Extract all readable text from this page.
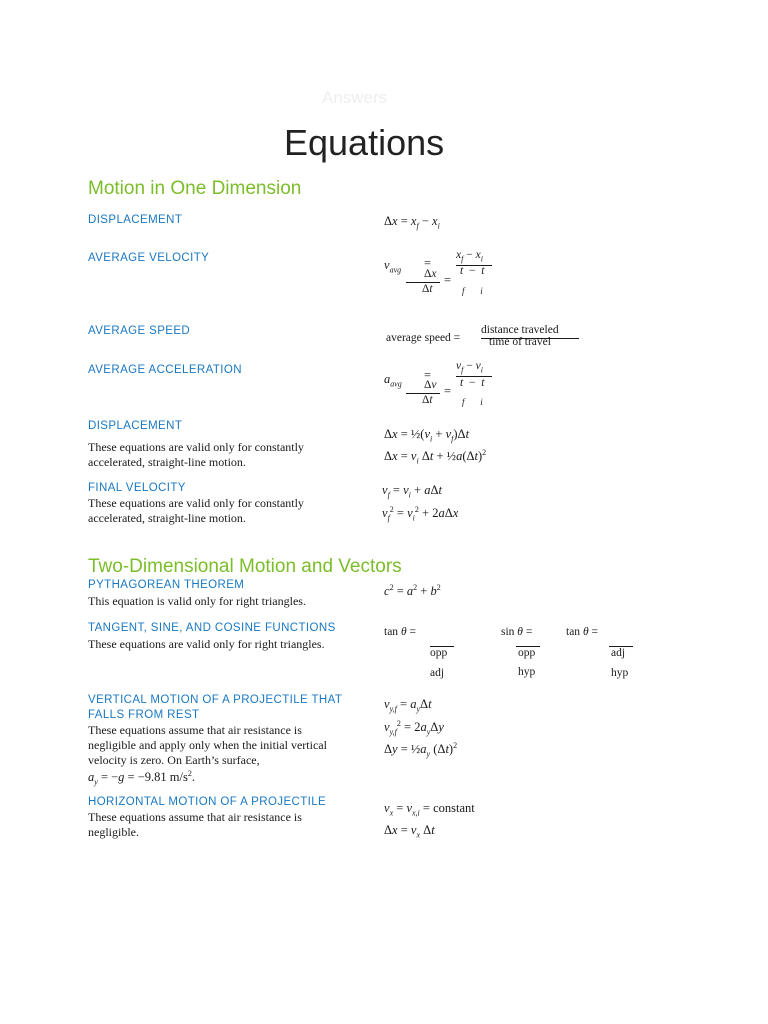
Answers
Equations
Motion in One Dimension
DISPLACEMENT	$\Delta x = x_f - x_i$
AVERAGE VELOCITY	$v_{avg}$ =
Δx
Δt
=
$x_f - x_i$
t  −  t
f i
AVERAGE SPEED
average speed =
distance traveled
time of travel
AVERAGE ACCELERATION
$a_{avg}$
=
Δv
Δt
=
$v_f - v_i$
t  −  t
f i
DISPLACEMENT
These equations are valid only for constantly accelerated, straight-line motion.
$\Delta x = \frac{1}{2}(v_i + v_f)\Delta t$
$\Delta x = v_i$ $\Delta t + \frac{1}{2}a(\Delta t)^2$
FINAL VELOCITY
These equations are valid only for constantly accelerated, straight-line motion.
$v_f = v_i + a\Delta t$
$v_f^2 = v_i^2 + 2a\Delta x$
Two-Dimensional Motion and Vectors
PYTHAGOREAN THEOREM
This equation is valid only for right triangles.
$c^2 = a^2 + b^2$
TANGENT, SINE, AND COSINE FUNCTIONS
These equations are valid only for right triangles.
tan θ =
opp
adj
sin θ =
opp
hyp
tan θ =
adj
hyp
VERTICAL MOTION OF A PROJECTILE THAT
FALLS FROM REST
These equations assume that air resistance is negligible and apply only when the initial vertical velocity is zero. On Earth’s surface,
$a_y = -g = -9.81$ $m/s^2$.
$v_{y,f} = a_y\Delta t$
$v_{y,f}^2 = 2a_y\Delta y$
$\Delta y = \frac{1}{2}a_y$ $(\Delta t)^2$
HORIZONTAL MOTION OF A PROJECTILE
These equations assume that air resistance is negligible.
$v_x = v_{x,i}$ = constant
$\Delta x = v_x$ Δt
